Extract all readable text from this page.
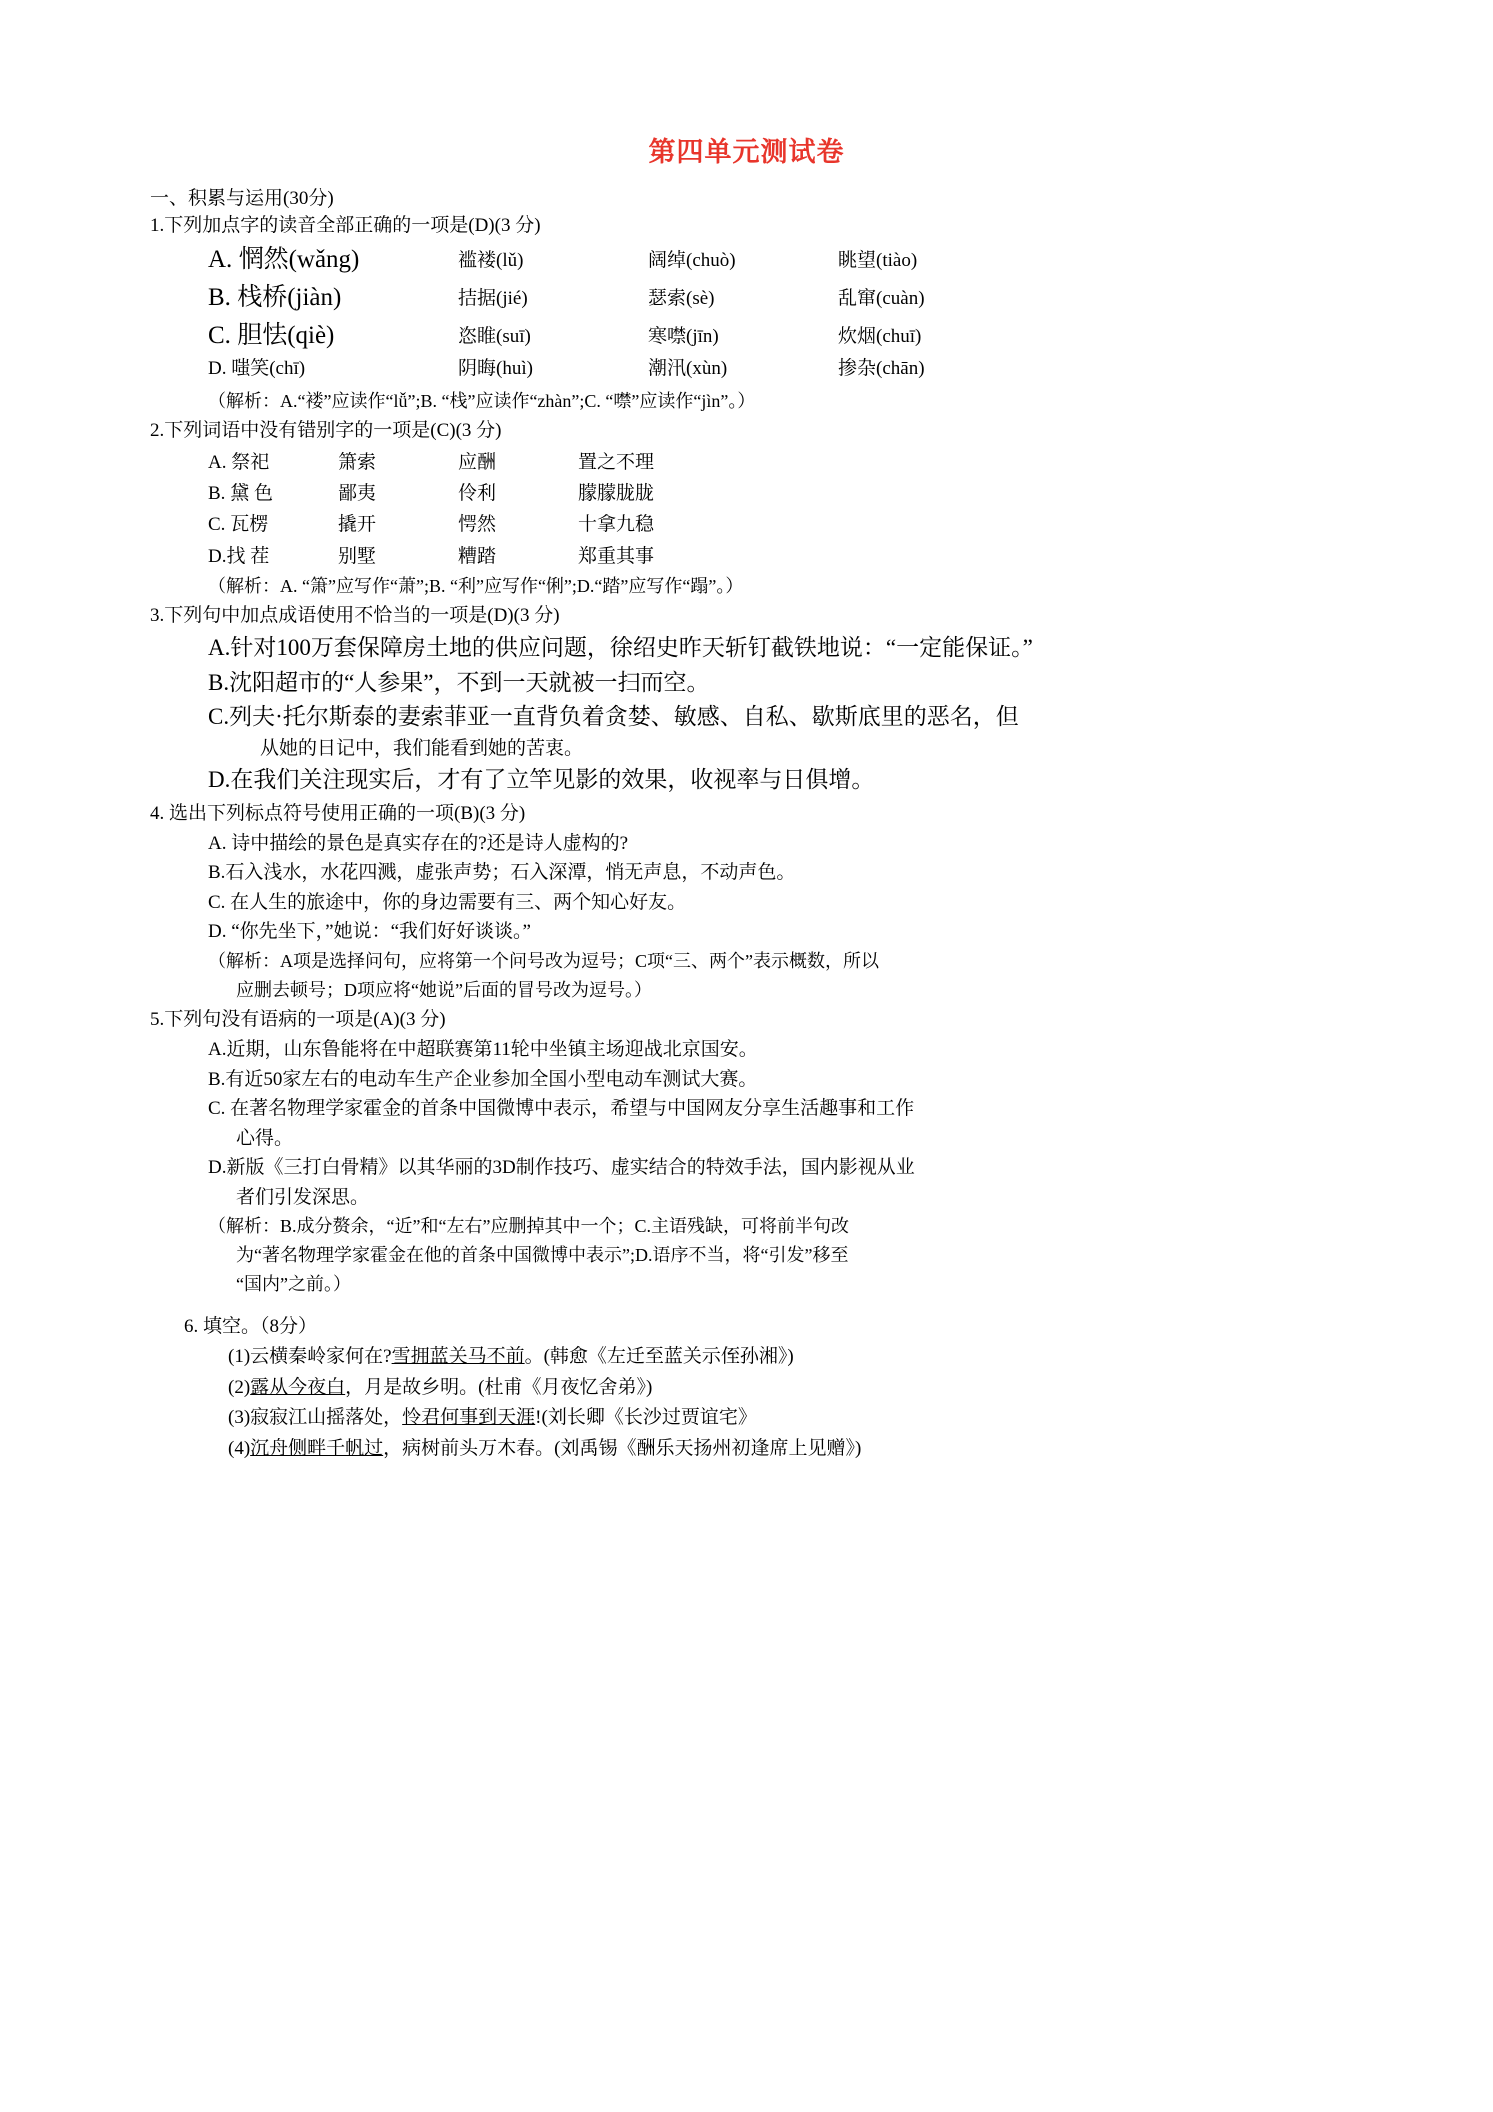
第四单元测试卷
一、积累与运用(30分)
1.下列加点字的读音全部正确的一项是(D)(3 分)
A. 惘然(wǎng)	褴褛(lǔ)	阔绰(chuò)	眺望(tiào)
B. 栈桥(jiàn)	拮据(jié)	瑟索(sè)	乱窜(cuàn)
C. 胆怯(qiè)	恣睢(suī)	寒噤(jīn)	炊烟(chuī)
D. 嗤笑(chī)	阴晦(huì)	潮汛(xùn)	掺杂(chān)
（解析：A.“褛”应读作“lǚ”;B. “栈”应读作“zhàn”;C. “噤”应读作“jìn”。）
2.下列词语中没有错别字的一项是(C)(3 分)
A. 祭祀	箫索	应酬	置之不理
B. 黛 色	鄙夷	伶利	朦朦胧胧
C. 瓦楞	撬开	愕然	十拿九稳
D.找 茬	别墅	糟踏	郑重其事
（解析：A. “箫”应写作“萧”;B. “利”应写作“俐”;D.“踏”应写作“蹋”。）
3.下列句中加点成语使用不恰当的一项是(D)(3 分)
A.针对100万套保障房土地的供应问题，徐绍史昨天斩钉截铁地说：“一定能保证。”
B.沈阳超市的“人参果”，不到一天就被一扫而空。
C.列夫·托尔斯泰的妻索菲亚一直背负着贪婪、敏感、自私、歇斯底里的恶名，但
从她的日记中，我们能看到她的苦衷。
D.在我们关注现实后，才有了立竿见影的效果，收视率与日俱增。
4. 选出下列标点符号使用正确的一项(B)(3 分)
A. 诗中描绘的景色是真实存在的?还是诗人虚构的?
B.石入浅水，水花四溅，虚张声势；石入深潭，悄无声息，不动声色。
C. 在人生的旅途中，你的身边需要有三、两个知心好友。
D. “你先坐下，”她说：“我们好好谈谈。”
（解析：A项是选择问句，应将第一个问号改为逗号；C项“三、两个”表示概数，所以
应删去顿号；D项应将“她说”后面的冒号改为逗号。）
5.下列句没有语病的一项是(A)(3 分)
A.近期，山东鲁能将在中超联赛第11轮中坐镇主场迎战北京国安。
B.有近50家左右的电动车生产企业参加全国小型电动车测试大赛。
C. 在著名物理学家霍金的首条中国微博中表示，希望与中国网友分享生活趣事和工作
心得。
D.新版《三打白骨精》以其华丽的3D制作技巧、虚实结合的特效手法，国内影视从业
者们引发深思。
（解析：B.成分赘余，“近”和“左右”应删掉其中一个；C.主语残缺，可将前半句改
为“著名物理学家霍金在他的首条中国微博中表示”;D.语序不当，将“引发”移至
“国内”之前。）
6. 填空。（8分）
(1)云横秦岭家何在?雪拥蓝关马不前。(韩愈《左迁至蓝关示侄孙湘》)
(2)露从今夜白，月是故乡明。(杜甫《月夜忆舍弟》)
(3)寂寂江山摇落处，怜君何事到天涯!(刘长卿《长沙过贾谊宅》
(4)沉舟侧畔千帆过，病树前头万木春。(刘禹锡《酬乐天扬州初逢席上见赠》)
